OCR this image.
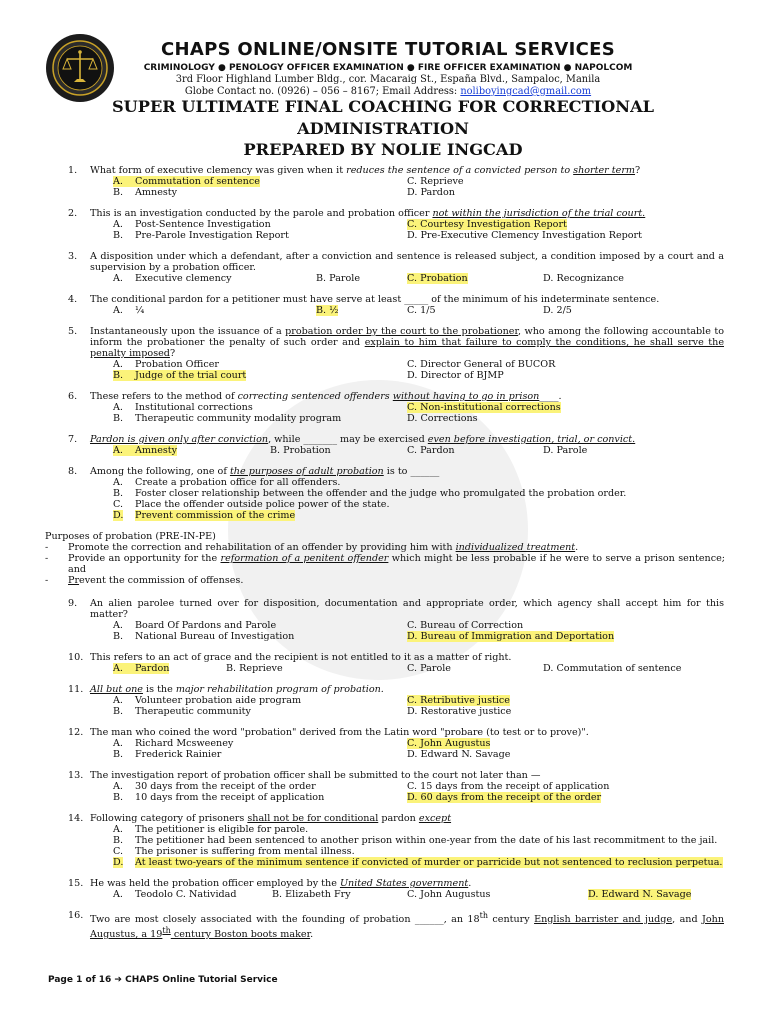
CHAPS ONLINE/ONSITE TUTORIAL SERVICES
CRIMINOLOGY ● PENOLOGY OFFICER EXAMINATION ● FIRE OFFICER EXAMINATION ● NAPOLCOM
3rd Floor Highland Lumber Bldg., cor. Macaraig St., España Blvd., Sampaloc, Manila
Globe Contact no. (0926) – 056 – 8167; Email Address: noliboyingcad@gmail.com
SUPER ULTIMATE FINAL COACHING FOR CORRECTIONAL
ADMINISTRATION
PREPARED BY NOLIE INGCAD
1. What form of executive clemency was given when it reduces the sentence of a convicted person to shorter term?
A. Commutation of sentence	C. Reprieve
B. Amnesty	D. Pardon
2. This is an investigation conducted by the parole and probation officer not within the jurisdiction of the trial court.
A. Post-Sentence Investigation	C. Courtesy Investigation Report
B. Pre-Parole Investigation Report	D. Pre-Executive Clemency Investigation Report
3. A disposition under which a defendant, after a conviction and sentence is released subject, a condition imposed by a court and a supervision by a probation officer.
A. Executive clemency	B. Parole	C. Probation	D. Recognizance
4. The conditional pardon for a petitioner must have serve at least _____ of the minimum of his indeterminate sentence.
A. ¼	B. ½	C. 1/5	D. 2/5
5. Instantaneously upon the issuance of a probation order by the court to the probationer, who among the following accountable to inform the probationer the penalty of such order and explain to him that failure to comply the conditions, he shall serve the penalty imposed?
A. Probation Officer	C. Director General of BUCOR
B. Judge of the trial court	D. Director of BJMP
6. These refers to the method of correcting sentenced offenders without having to go in prison____.
A. Institutional corrections	C. Non-institutional corrections
B. Therapeutic community modality program	D. Corrections
7. Pardon is given only after conviction, while _______ may be exercised even before investigation, trial, or convict.
A. Amnesty	B. Probation	C. Pardon	D. Parole
8. Among the following, one of the purposes of adult probation is to ______
A. Create a probation office for all offenders.
B. Foster closer relationship between the offender and the judge who promulgated the probation order.
C. Place the offender outside police power of the state.
D. Prevent commission of the crime
Purposes of probation (PRE-IN-PE)
- Promote the correction and rehabilitation of an offender by providing him with individualized treatment.
- Provide an opportunity for the reformation of a penitent offender which might be less probable if he were to serve a prison sentence; and
- Prevent the commission of offenses.
9. An alien parolee turned over for disposition, documentation and appropriate order, which agency shall accept him for this matter?
A. Board Of Pardons and Parole	C. Bureau of Correction
B. National Bureau of Investigation	D. Bureau of Immigration and Deportation
10. This refers to an act of grace and the recipient is not entitled to it as a matter of right.
A. Pardon	B. Reprieve	C. Parole	D. Commutation of sentence
11. All but one is the major rehabilitation program of probation.
A. Volunteer probation aide program	C. Retributive justice
B. Therapeutic community	D. Restorative justice
12. The man who coined the word "probation" derived from the Latin word "probare (to test or to prove)".
A. Richard Mcsweeney	C. John Augustus
B. Frederick Rainier	D. Edward N. Savage
13. The investigation report of probation officer shall be submitted to the court not later than —
A. 30 days from the receipt of the order	C. 15 days from the receipt of application
B. 10 days from the receipt of application	D. 60 days from the receipt of the order
14. Following category of prisoners shall not be for conditional pardon except
A. The petitioner is eligible for parole.
B. The petitioner had been sentenced to another prison within one-year from the date of his last recommitment to the jail.
C. The prisoner is suffering from mental illness.
D. At least two-years of the minimum sentence if convicted of murder or parricide but not sentenced to reclusion perpetua.
15. He was held the probation officer employed by the United States government.
A. Teodolo C. Natividad	B. Elizabeth Fry	C. John Augustus	D. Edward N. Savage
16. Two are most closely associated with the founding of probation ______, an 18th century English barrister and judge, and John Augustus, a 19th century Boston boots maker.
Page 1 of 16 ➔ CHAPS Online Tutorial Service
